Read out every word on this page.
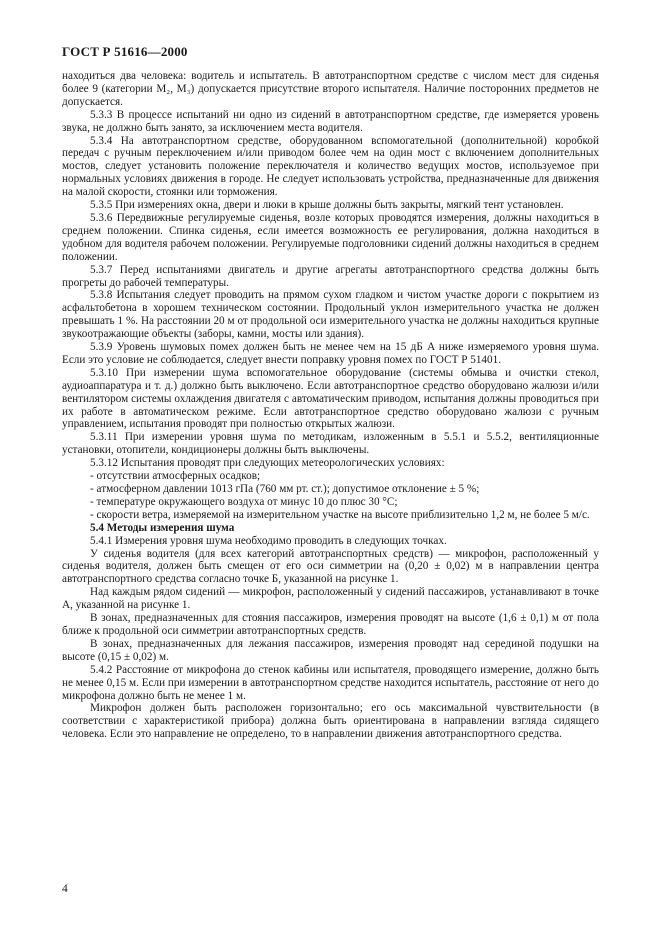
ГОСТ Р 51616—2000

находиться два человека: водитель и испытатель. В автотранспортном средстве с числом мест для сиденья более 9 (категории M₂, M₃) допускается присутствие второго испытателя. Наличие посторонних предметов не допускается.

5.3.3 В процессе испытаний ни одно из сидений в автотранспортном средстве, где измеряется уровень звука, не должно быть занято, за исключением места водителя.

5.3.4 На автотранспортном средстве, оборудованном вспомогательной (дополнительной) коробкой передач с ручным переключением и/или приводом более чем на один мост с включением дополнительных мостов, следует установить положение переключателя и количество ведущих мостов, используемое при нормальных условиях движения в городе. Не следует использовать устройства, предназначенные для движения на малой скорости, стоянки или торможения.

5.3.5 При измерениях окна, двери и люки в крыше должны быть закрыты, мягкий тент установлен.

5.3.6 Передвижные регулируемые сиденья, возле которых проводятся измерения, должны находиться в среднем положении. Спинка сиденья, если имеется возможность ее регулирования, должна находиться в удобном для водителя рабочем положении. Регулируемые подголовники сидений должны находиться в среднем положении.

5.3.7 Перед испытаниями двигатель и другие агрегаты автотранспортного средства должны быть прогреты до рабочей температуры.

5.3.8 Испытания следует проводить на прямом сухом гладком и чистом участке дороги с покрытием из асфальтобетона в хорошем техническом состоянии. Продольный уклон измерительного участка не должен превышать 1 %. На расстоянии 20 м от продольной оси измерительного участка не должны находиться крупные звукоотражающие объекты (заборы, камни, мосты или здания).

5.3.9 Уровень шумовых помех должен быть не менее чем на 15 дБ A ниже измеряемого уровня шума. Если это условие не соблюдается, следует внести поправку уровня помех по ГОСТ Р 51401.

5.3.10 При измерении шума вспомогательное оборудование (системы обмыва и очистки стекол, аудиоаппаратура и т. д.) должно быть выключено. Если автотранспортное средство оборудовано жалюзи и/или вентилятором системы охлаждения двигателя с автоматическим приводом, испытания должны проводиться при их работе в автоматическом режиме. Если автотранспортное средство оборудовано жалюзи с ручным управлением, испытания проводят при полностью открытых жалюзи.

5.3.11 При измерении уровня шума по методикам, изложенным в 5.5.1 и 5.5.2, вентиляционные установки, отопители, кондиционеры должны быть выключены.

5.3.12 Испытания проводят при следующих метеорологических условиях:

- отсутствии атмосферных осадков;

- атмосферном давлении 1013 гПа (760 мм рт. ст.); допустимое отклонение ± 5 %;

- температуре окружающего воздуха от минус 10 до плюс 30 °С;

- скорости ветра, измеряемой на измерительном участке на высоте приблизительно 1,2 м, не более 5 м/с.

5.4 Методы измерения шума

5.4.1 Измерения уровня шума необходимо проводить в следующих точках.

У сиденья водителя (для всех категорий автотранспортных средств) — микрофон, расположенный у сиденья водителя, должен быть смещен от его оси симметрии на (0,20 ± 0,02) м в направлении центра автотранспортного средства согласно точке Б, указанной на рисунке 1.

Над каждым рядом сидений — микрофон, расположенный у сидений пассажиров, устанавливают в точке A, указанной на рисунке 1.

В зонах, предназначенных для стояния пассажиров, измерения проводят на высоте (1,6 ± 0,1) м от пола ближе к продольной оси симметрии автотранспортных средств.

В зонах, предназначенных для лежания пассажиров, измерения проводят над серединой подушки на высоте (0,15 ± 0,02) м.

5.4.2 Расстояние от микрофона до стенок кабины или испытателя, проводящего измерение, должно быть не менее 0,15 м. Если при измерении в автотранспортном средстве находится испытатель, расстояние от него до микрофона должно быть не менее 1 м.

Микрофон должен быть расположен горизонтально; его ось максимальной чувствительности (в соответствии с характеристикой прибора) должна быть ориентирована в направлении взгляда сидящего человека. Если это направление не определено, то в направлении движения автотранспортного средства.

4
